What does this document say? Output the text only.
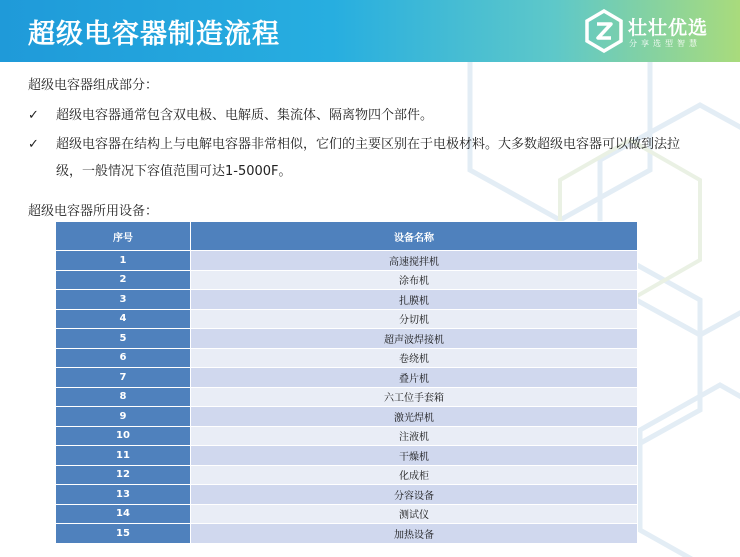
超级电容器制造流程	壮壮优选
分享选型智慧
超级电容器组成部分：
✓	超级电容器通常包含双电极、电解质、集流体、隔离物四个部件。
✓	超级电容器在结构上与电解电容器非常相似，它们的主要区别在于电极材料。大多数超级电容器可以做到法拉级，一般情况下容值范围可达1-5000F。
超级电容器所用设备：
序号	设备名称
1	高速搅拌机
2	涂布机
3	扎膜机
4	分切机
5	超声波焊接机
6	卷绕机
7	叠片机
8	六工位手套箱
9	激光焊机
10	注液机
11	干燥机
12	化成柜
13	分容设备
14	测试仪
15	加热设备
